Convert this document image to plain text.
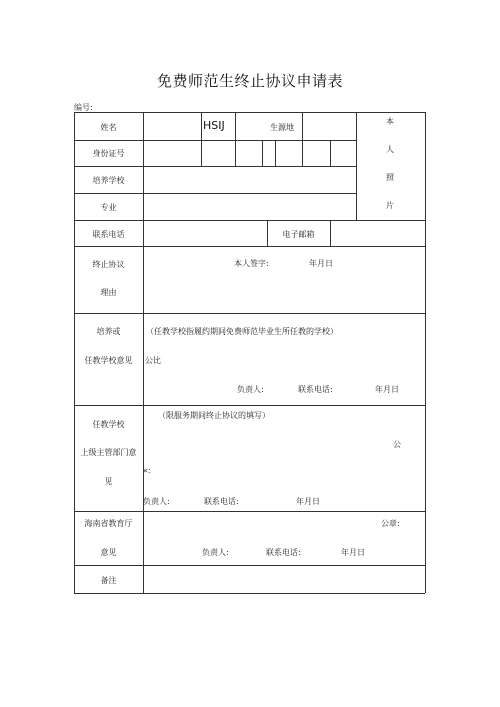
免费师范生终止协议申请表
编号:
姓名	HSIJ	生源地
本
人
照
片
身份证号
培养学校
专业
联系电话	电子邮箱
终止协议
理由
本人签字:	年月日
培养或
任教学校意见
（任教学校指履约期间免费师范毕业生所任教的学校）
公比
负责人:	联系电话:	年月日
任教学校
上级主管部门意
见
（限服务期间终止协议的填写）
公
«:
负责人:	联系电话:	年月日
海南省教育厅
意见
公章:
负责人:	联系电话:	年月日
备注
